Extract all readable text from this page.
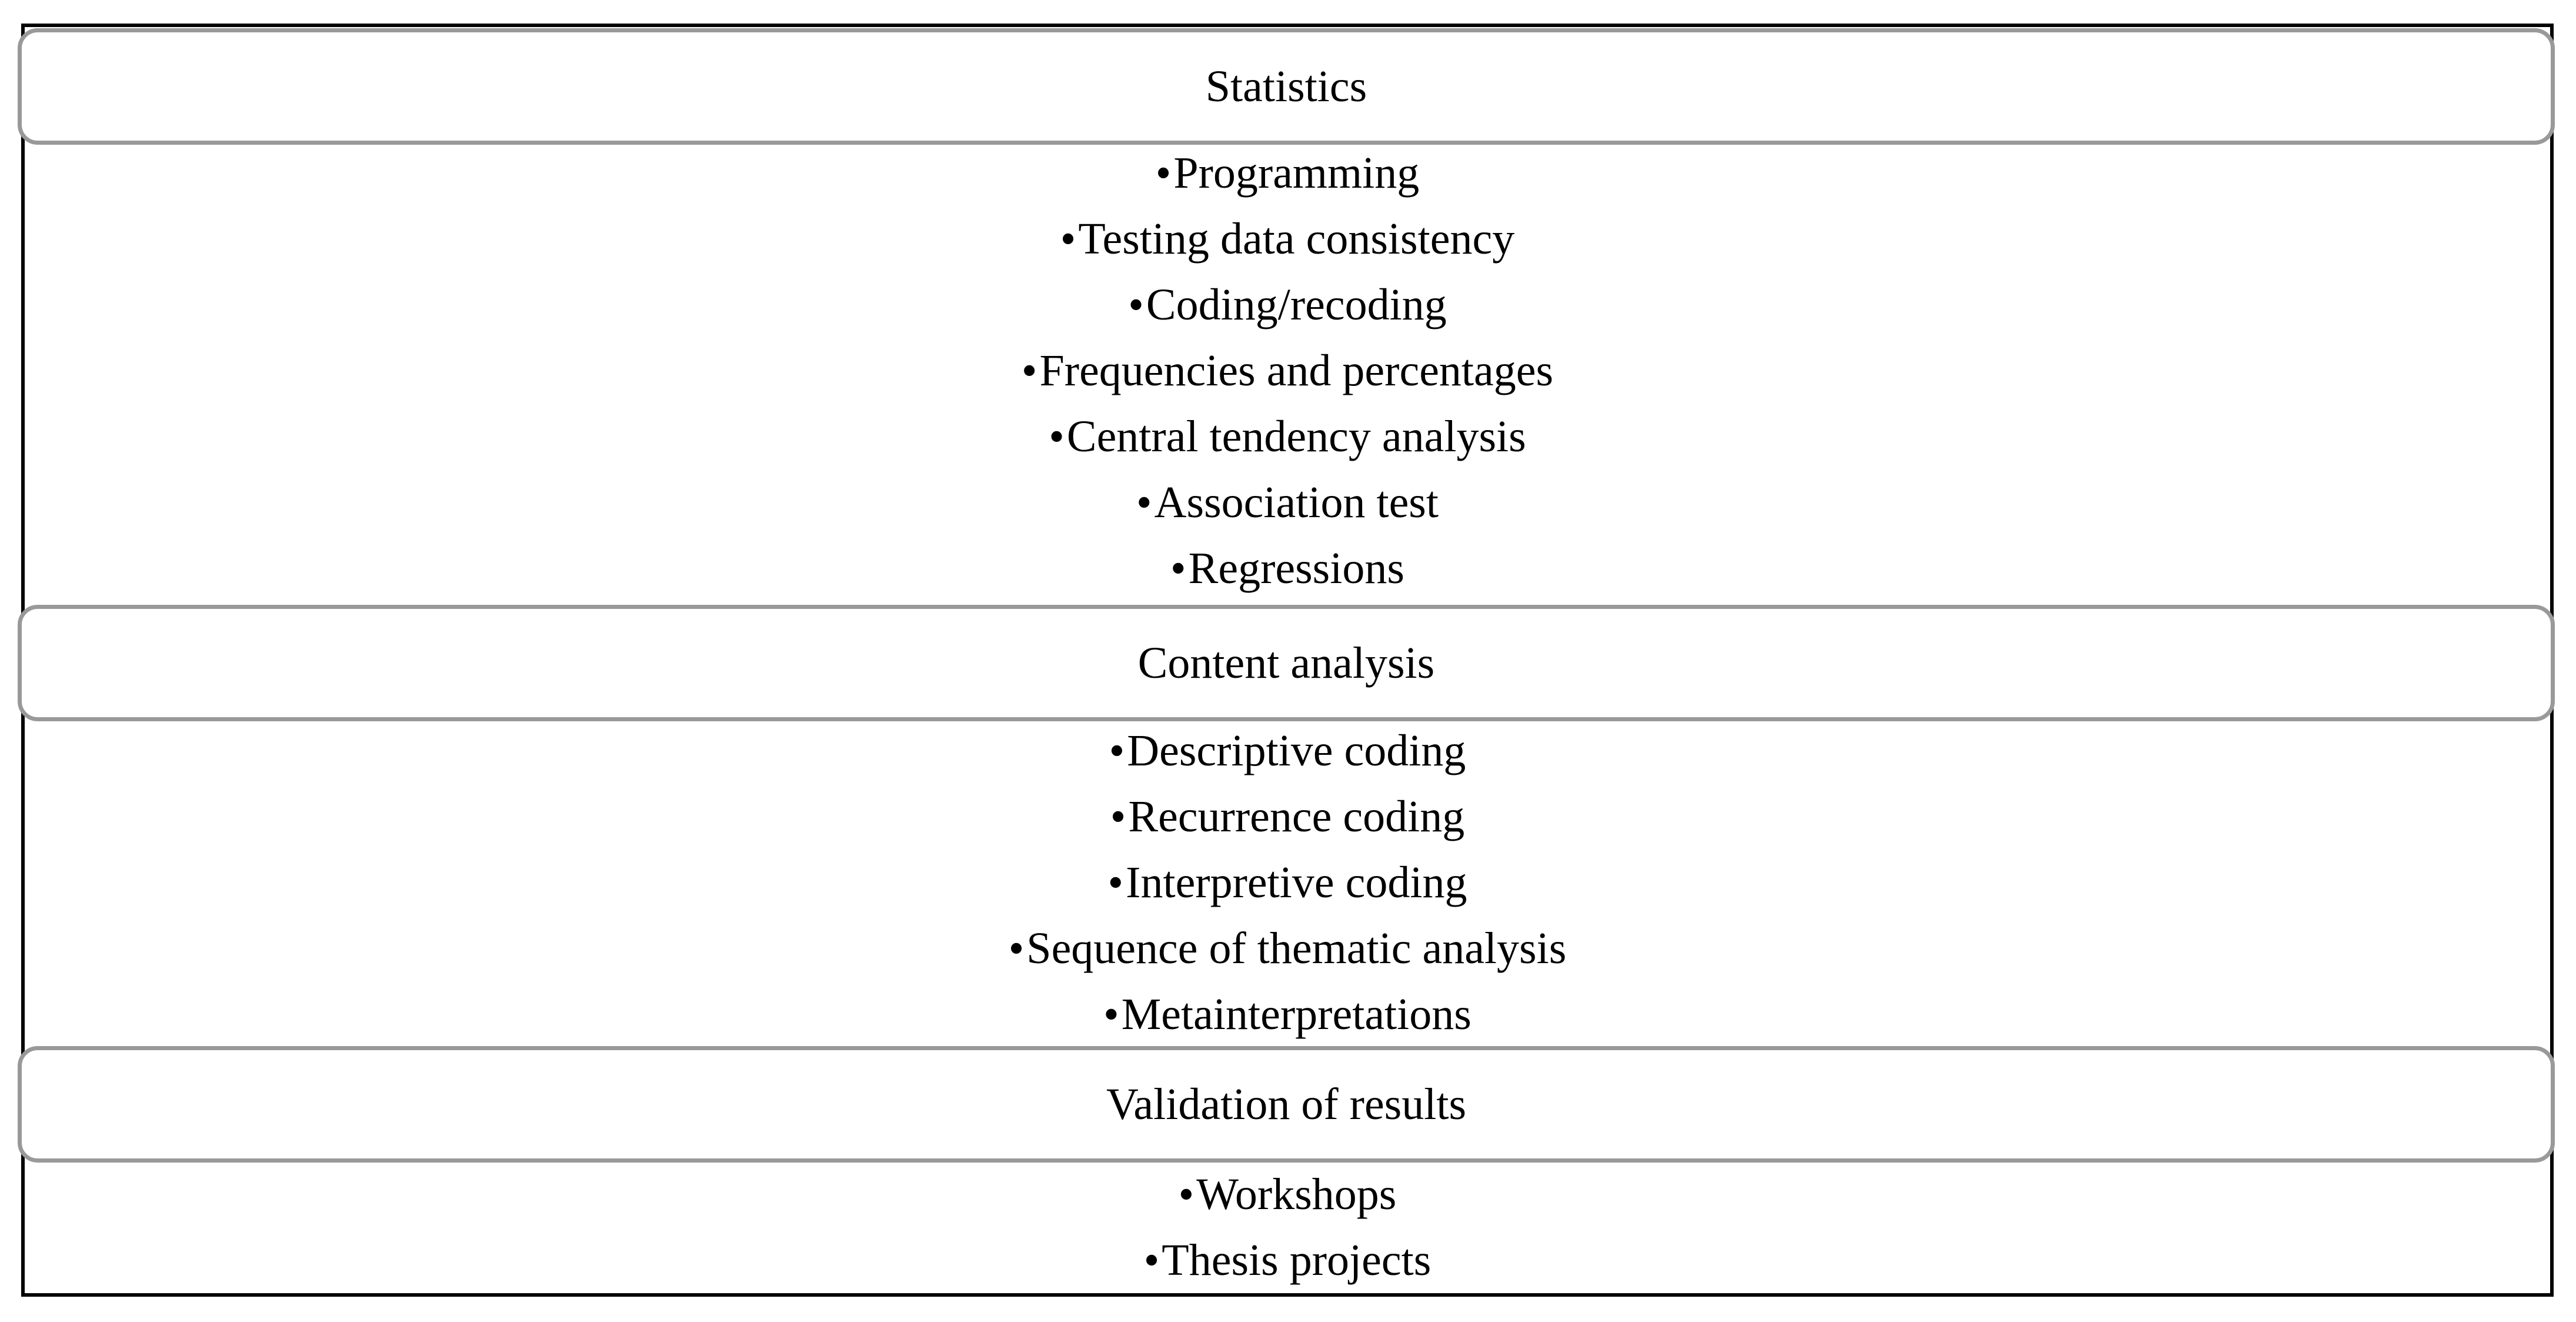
Statistics
• Programming
• Testing data consistency
• Coding/recoding
• Frequencies and percentages
• Central tendency analysis
• Association test
• Regressions
Content analysis
• Descriptive coding
• Recurrence coding
• Interpretive coding
• Sequence of thematic analysis
• Metainterpretations
Validation of results
• Workshops
• Thesis projects
